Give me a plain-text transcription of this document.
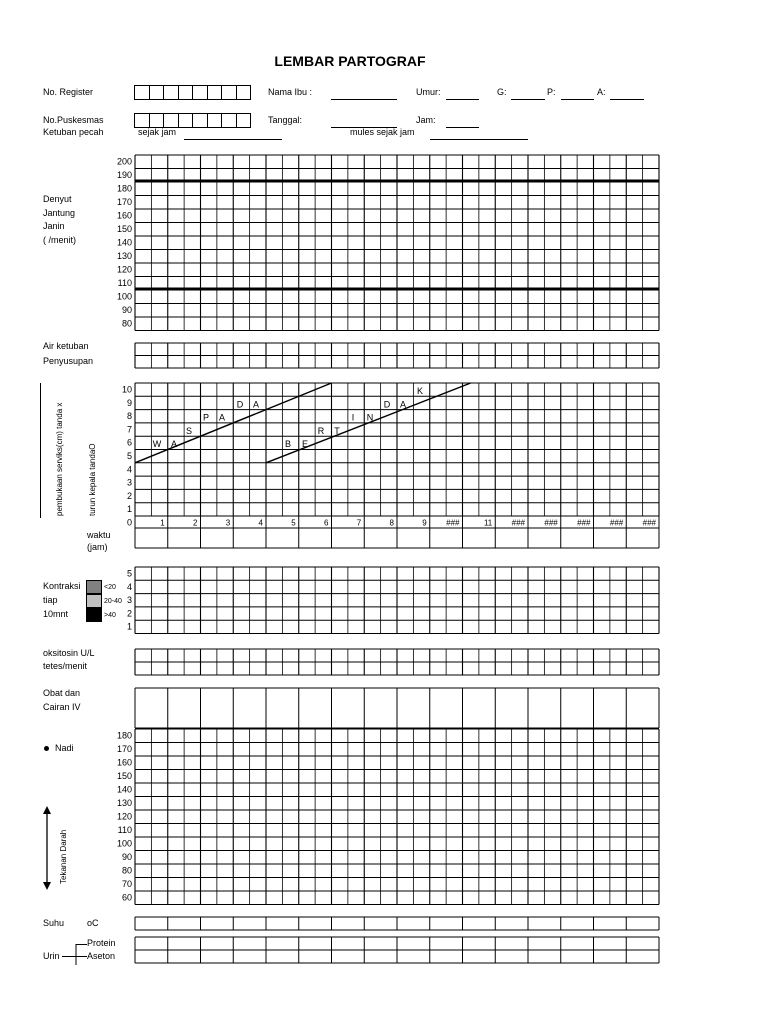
LEMBAR PARTOGRAF
No. Register	Nama Ibu :	Umur:	G:	P:	A:
No.Puskesmas	Tanggal:	Jam:
Ketuban pecah	sejak jam	mules sejak jam
Denyut
Jantung
Janin
( /menit)
Air ketuban
Penyusupan
pembukaan serviks(cm) tanda x	turun kepala tandaO
waktu
(jam)
Kontraksi
tiap
10mnt
<20
20-40
>40
oksitosin U/L
tetes/menit
Obat dan
Cairan IV
Nadi
Tekanan Darah
Suhu	oC
Urin
Protein
Aseton
200
190
180
170
160
150
140
130
120
110
100
90
80
10
9
8
7
6
5
4
3
2
1
0	1	2	3	4	5	6	7	8	9 ###	11 ### ### ### ### ###
W A
S
P A
D A
B E
R T
I N
D A
K
5
4
3
2
1
180
170
160
150
140
130
120
110
100
90
80
70
60
